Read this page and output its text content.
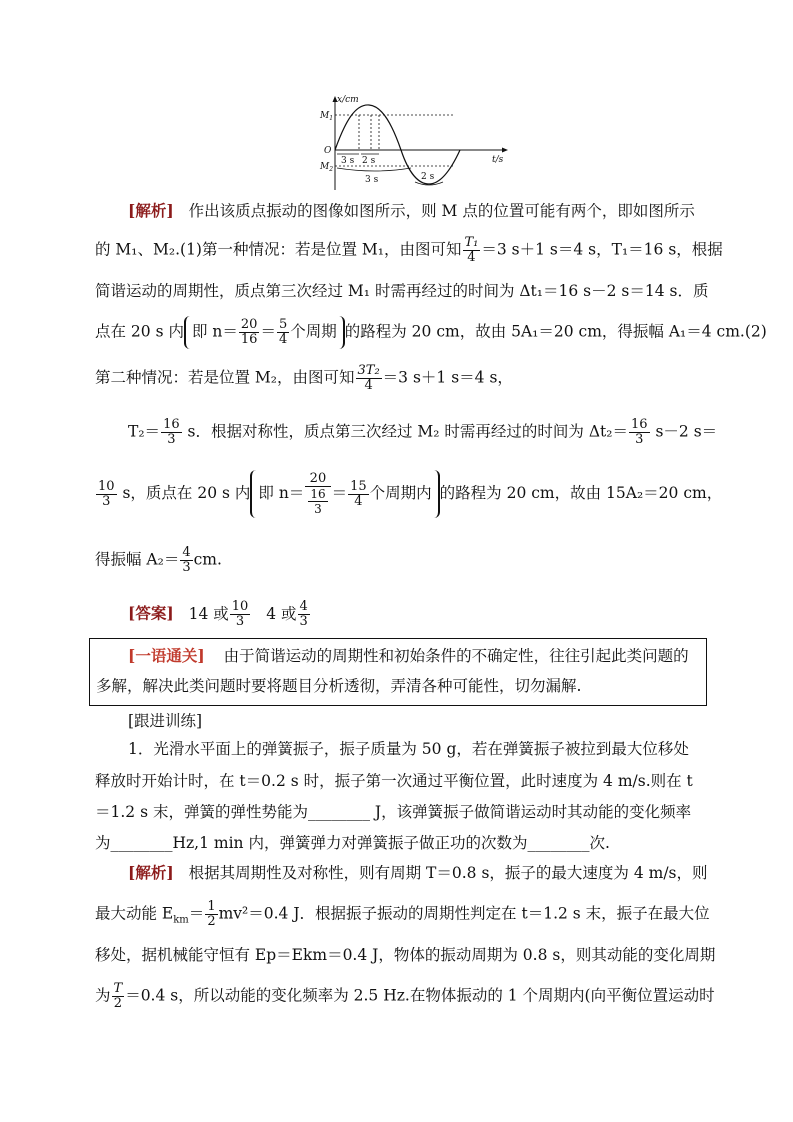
x/cm
t/s
$M_1$
$M_2$
O
3 s 2 s
3 s	2 s
[解析] 作出该质点振动的图像如图所示，则 M 点的位置可能有两个，即如图所示
的 M₁、M₂.(1)第一种情况：若是位置 M₁，由图可知 $\frac{\text{T₁}}{4} =3$ s＋1 s＝4 s，T₁＝16 s，根据
简谐运动的周期性，质点第三次经过 M₁ 时需再经过的时间为 Δt₁＝16 s－2 s＝14 s．质
点在 20 s 内 即 $n= \frac{20}{16} = \frac{5}{4}$ 个周期 的路程为 20 cm，故由 5A₁＝20 cm，得振幅 A₁＝4 cm.(2)
第二种情况：若是位置 M₂，由图可知 $\frac{\text{3T₂}}{4} =3$ s＋1 s＝4 s，
$T_2= \frac{16}{3}$ s．根据对称性，质点第三次经过 M₂ 时需再经过的时间为 $\Delta t_2= \frac{16}{3} s-2$ s＝
$\frac{10}{3}$ s，质点在 20 s 内 即 $n= \frac{20}{\frac{16}{3}} = \frac{15}{4}$ 个周期内 的路程为 20 cm，故由 15A₂＝20 cm，
得振幅 $A_2= \frac{4}{3}$ cm.
[答案] 14 或 $\frac{10}{3} 4$ 或 $\frac{4}{3}$
[一语通关] 由于简谐运动的周期性和初始条件的不确定性，往往引起此类问题的
多解，解决此类问题时要将题目分析透彻，弄清各种可能性，切勿漏解.
[跟进训练]
1．光滑水平面上的弹簧振子，振子质量为 50 g，若在弹簧振子被拉到最大位移处
释放时开始计时，在 t＝0.2 s 时，振子第一次通过平衡位置，此时速度为 4 m/s.则在 t
＝1.2 s 末，弹簧的弹性势能为________ J，该弹簧振子做简谐运动时其动能的变化频率
为________Hz,1 min 内，弹簧弹力对弹簧振子做正功的次数为________次.
[解析] 根据其周期性及对称性，则有周期 T＝0.8 s，振子的最大速度为 4 m/s，则
最大动能 $E_{km}= \frac{1}{2} mv^2=0.4$ J．根据振子振动的周期性判定在 t＝1.2 s 末，振子在最大位
移处，据机械能守恒有 Ep＝Ekm＝0.4 J，物体的振动周期为 0.8 s，则其动能的变化周期
为 $\frac{T}{2} =0.4$ s，所以动能的变化频率为 2.5 Hz.在物体振动的 1 个周期内(向平衡位置运动时
